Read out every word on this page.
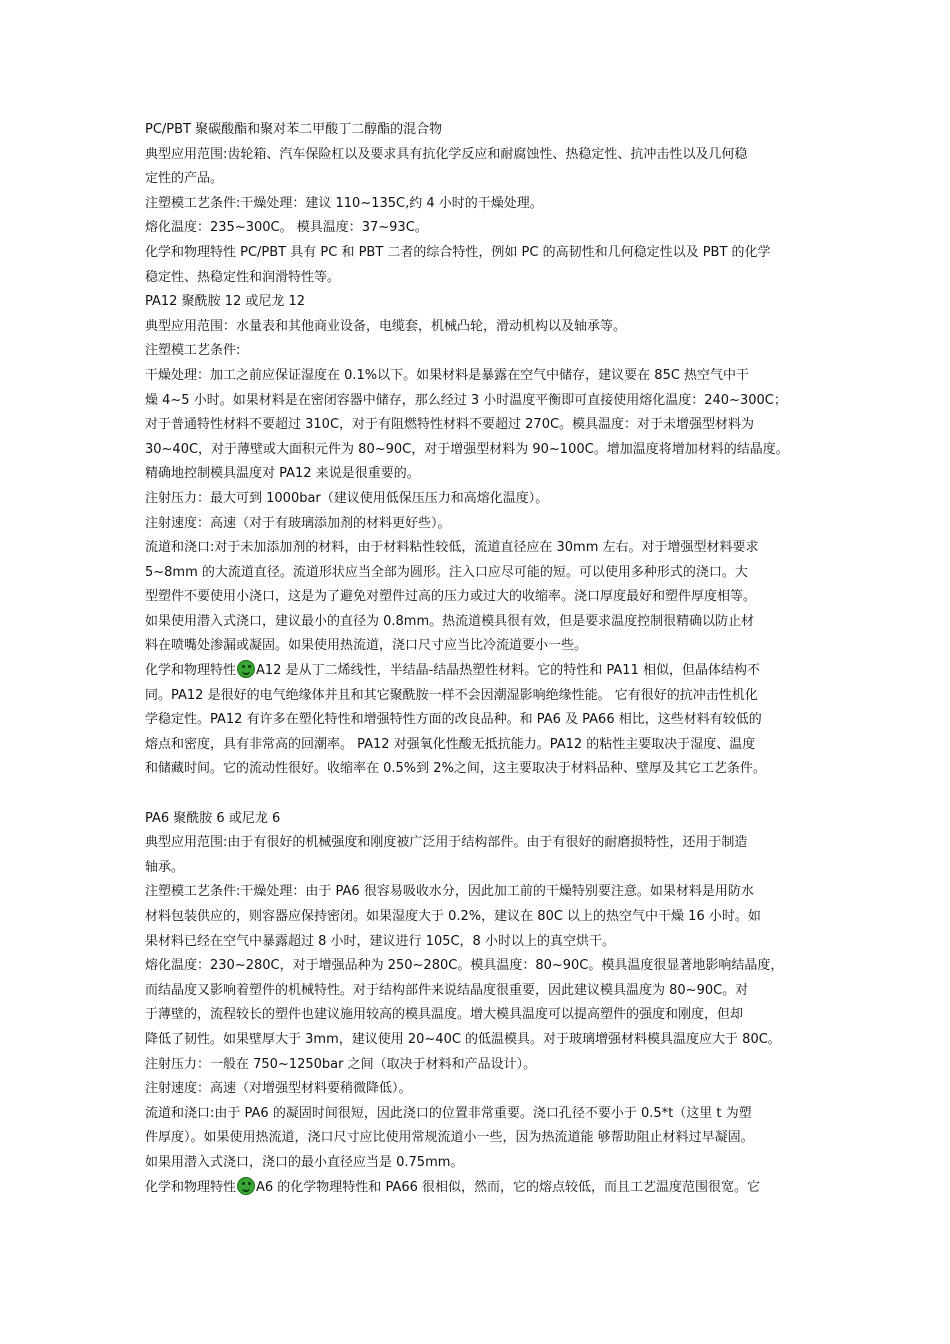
PC/PBT 聚碳酸酯和聚对苯二甲酸丁二醇酯的混合物
典型应用范围:齿轮箱、汽车保险杠以及要求具有抗化学反应和耐腐蚀性、热稳定性、抗冲击性以及几何稳
定性的产品。
注塑模工艺条件:干燥处理：建议 110~135C,约 4 小时的干燥处理。
熔化温度：235~300C。 模具温度：37~93C。
化学和物理特性 PC/PBT 具有 PC 和 PBT 二者的综合特性，例如 PC 的高韧性和几何稳定性以及 PBT 的化学
稳定性、热稳定性和润滑特性等。
PA12 聚酰胺 12 或尼龙 12
典型应用范围：水量表和其他商业设备，电缆套，机械凸轮，滑动机构以及轴承等。
注塑模工艺条件:
干燥处理：加工之前应保证湿度在 0.1%以下。如果材料是暴露在空气中储存，建议要在 85C 热空气中干
燥 4~5 小时。如果材料是在密闭容器中储存，那么经过 3 小时温度平衡即可直接使用熔化温度：240~300C；
对于普通特性材料不要超过 310C，对于有阻燃特性材料不要超过 270C。模具温度：对于未增强型材料为
30~40C，对于薄壁或大面积元件为 80~90C，对于增强型材料为 90~100C。增加温度将增加材料的结晶度。
精确地控制模具温度对 PA12 来说是很重要的。
注射压力：最大可到 1000bar（建议使用低保压压力和高熔化温度）。
注射速度：高速（对于有玻璃添加剂的材料更好些）。
流道和浇口:对于未加添加剂的材料，由于材料粘性较低，流道直径应在 30mm 左右。对于增强型材料要求
5~8mm 的大流道直径。流道形状应当全部为圆形。注入口应尽可能的短。可以使用多种形式的浇口。大
型塑件不要使用小浇口，这是为了避免对塑件过高的压力或过大的收缩率。浇口厚度最好和塑件厚度相等。
如果使用潜入式浇口，建议最小的直径为 0.8mm。热流道模具很有效，但是要求温度控制很精确以防止材
料在喷嘴处渗漏或凝固。如果使用热流道，浇口尺寸应当比冷流道要小一些。
化学和物理特性 A12 是从丁二烯线性，半结晶-结晶热塑性材料。它的特性和 PA11 相似，但晶体结构不
同。PA12 是很好的电气绝缘体并且和其它聚酰胺一样不会因潮湿影响绝缘性能。 它有很好的抗冲击性机化
学稳定性。PA12 有许多在塑化特性和增强特性方面的改良品种。和 PA6 及 PA66 相比，这些材料有较低的
熔点和密度，具有非常高的回潮率。 PA12 对强氧化性酸无抵抗能力。PA12 的粘性主要取决于湿度、温度
和储藏时间。它的流动性很好。收缩率在 0.5%到 2%之间，这主要取决于材料品种、壁厚及其它工艺条件。
PA6 聚酰胺 6 或尼龙 6
典型应用范围:由于有很好的机械强度和刚度被广泛用于结构部件。由于有很好的耐磨损特性，还用于制造
轴承。
注塑模工艺条件:干燥处理：由于 PA6 很容易吸收水分，因此加工前的干燥特别要注意。如果材料是用防水
材料包装供应的，则容器应保持密闭。如果湿度大于 0.2%，建议在 80C 以上的热空气中干燥 16 小时。如
果材料已经在空气中暴露超过 8 小时，建议进行 105C，8 小时以上的真空烘干。
熔化温度：230~280C，对于增强品种为 250~280C。模具温度：80~90C。模具温度很显著地影响结晶度，
而结晶度又影响着塑件的机械特性。对于结构部件来说结晶度很重要，因此建议模具温度为 80~90C。对
于薄壁的，流程较长的塑件也建议施用较高的模具温度。增大模具温度可以提高塑件的强度和刚度，但却
降低了韧性。如果壁厚大于 3mm，建议使用 20~40C 的低温模具。对于玻璃增强材料模具温度应大于 80C。
注射压力：一般在 750~1250bar 之间（取决于材料和产品设计）。
注射速度：高速（对增强型材料要稍微降低）。
流道和浇口:由于 PA6 的凝固时间很短，因此浇口的位置非常重要。浇口孔径不要小于 0.5*t（这里 t 为塑
件厚度）。如果使用热流道，浇口尺寸应比使用常规流道小一些，因为热流道能 够帮助阻止材料过早凝固。
如果用潜入式浇口，浇口的最小直径应当是 0.75mm。
化学和物理特性 A6 的化学物理特性和 PA66 很相似，然而，它的熔点较低，而且工艺温度范围很宽。它
